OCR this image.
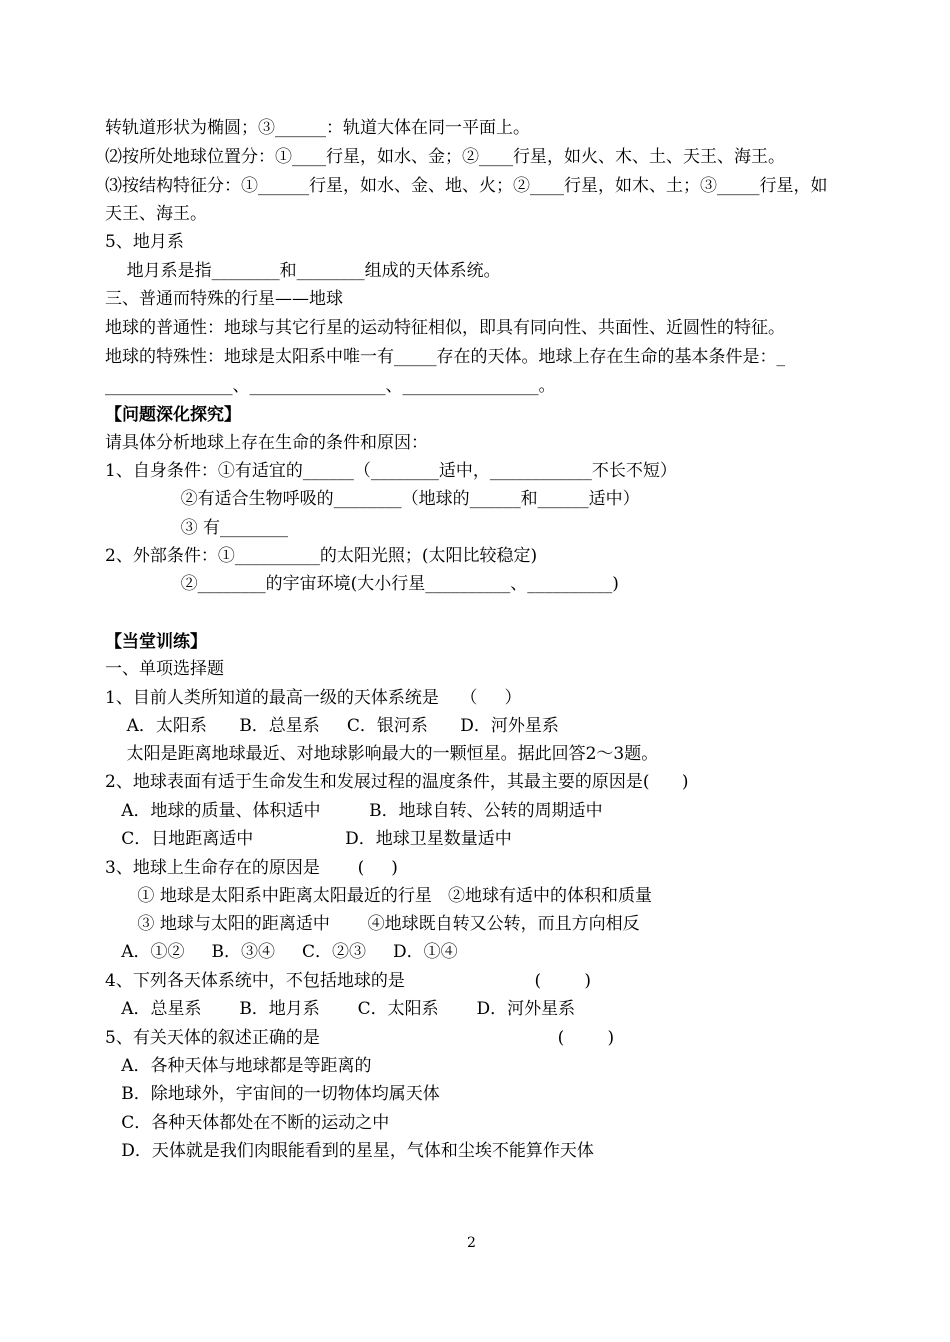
转轨道形状为椭圆；③______：轨道大体在同一平面上。
⑵按所处地球位置分：①____行星，如水、金；②____行星，如火、木、土、天王、海王。
⑶按结构特征分：①______行星，如水、金、地、火；②____行星，如木、土；③_____行星，如
天王、海王。
5、地月系
地月系是指________和________组成的天体系统。
三、普通而特殊的行星——地球
地球的普通性：地球与其它行星的运动特征相似，即具有同向性、共面性、近圆性的特征。
地球的特殊性：地球是太阳系中唯一有_____存在的天体。地球上存在生命的基本条件是：_
_______________、________________、________________。
【问题深化探究】
请具体分析地球上存在生命的条件和原因：
1、自身条件：①有适宜的______（________适中，____________不长不短）
②有适合生物呼吸的________（地球的______和______适中）
③ 有________
2、外部条件：①__________的太阳光照；(太阳比较稳定)
②________的宇宙环境(大小行星__________、__________)
【当堂训练】
一、单项选择题
1、目前人类所知道的最高一级的天体系统是    （     ）
A．太阳系      B．总星系     C．银河系      D．河外星系
太阳是距离地球最近、对地球影响最大的一颗恒星。据此回答2～3题。
2、地球表面有适于生命发生和发展过程的温度条件，其最主要的原因是(      )
A．地球的质量、体积适中         B．地球自转、公转的周期适中
C．日地距离适中                 D．地球卫星数量适中
3、地球上生命存在的原因是       (     )
① 地球是太阳系中距离太阳最近的行星   ②地球有适中的体积和质量
③ 地球与太阳的距离适中       ④地球既自转又公转，而且方向相反
A．①②     B．③④     C．②③     D．①④
4、下列各天体系统中，不包括地球的是                        (        )
A．总星系       B．地月系       C．太阳系       D．河外星系
5、有关天体的叙述正确的是                                            (        )
A．各种天体与地球都是等距离的
B．除地球外，宇宙间的一切物体均属天体
C．各种天体都处在不断的运动之中
D．天体就是我们肉眼能看到的星星，气体和尘埃不能算作天体
2
